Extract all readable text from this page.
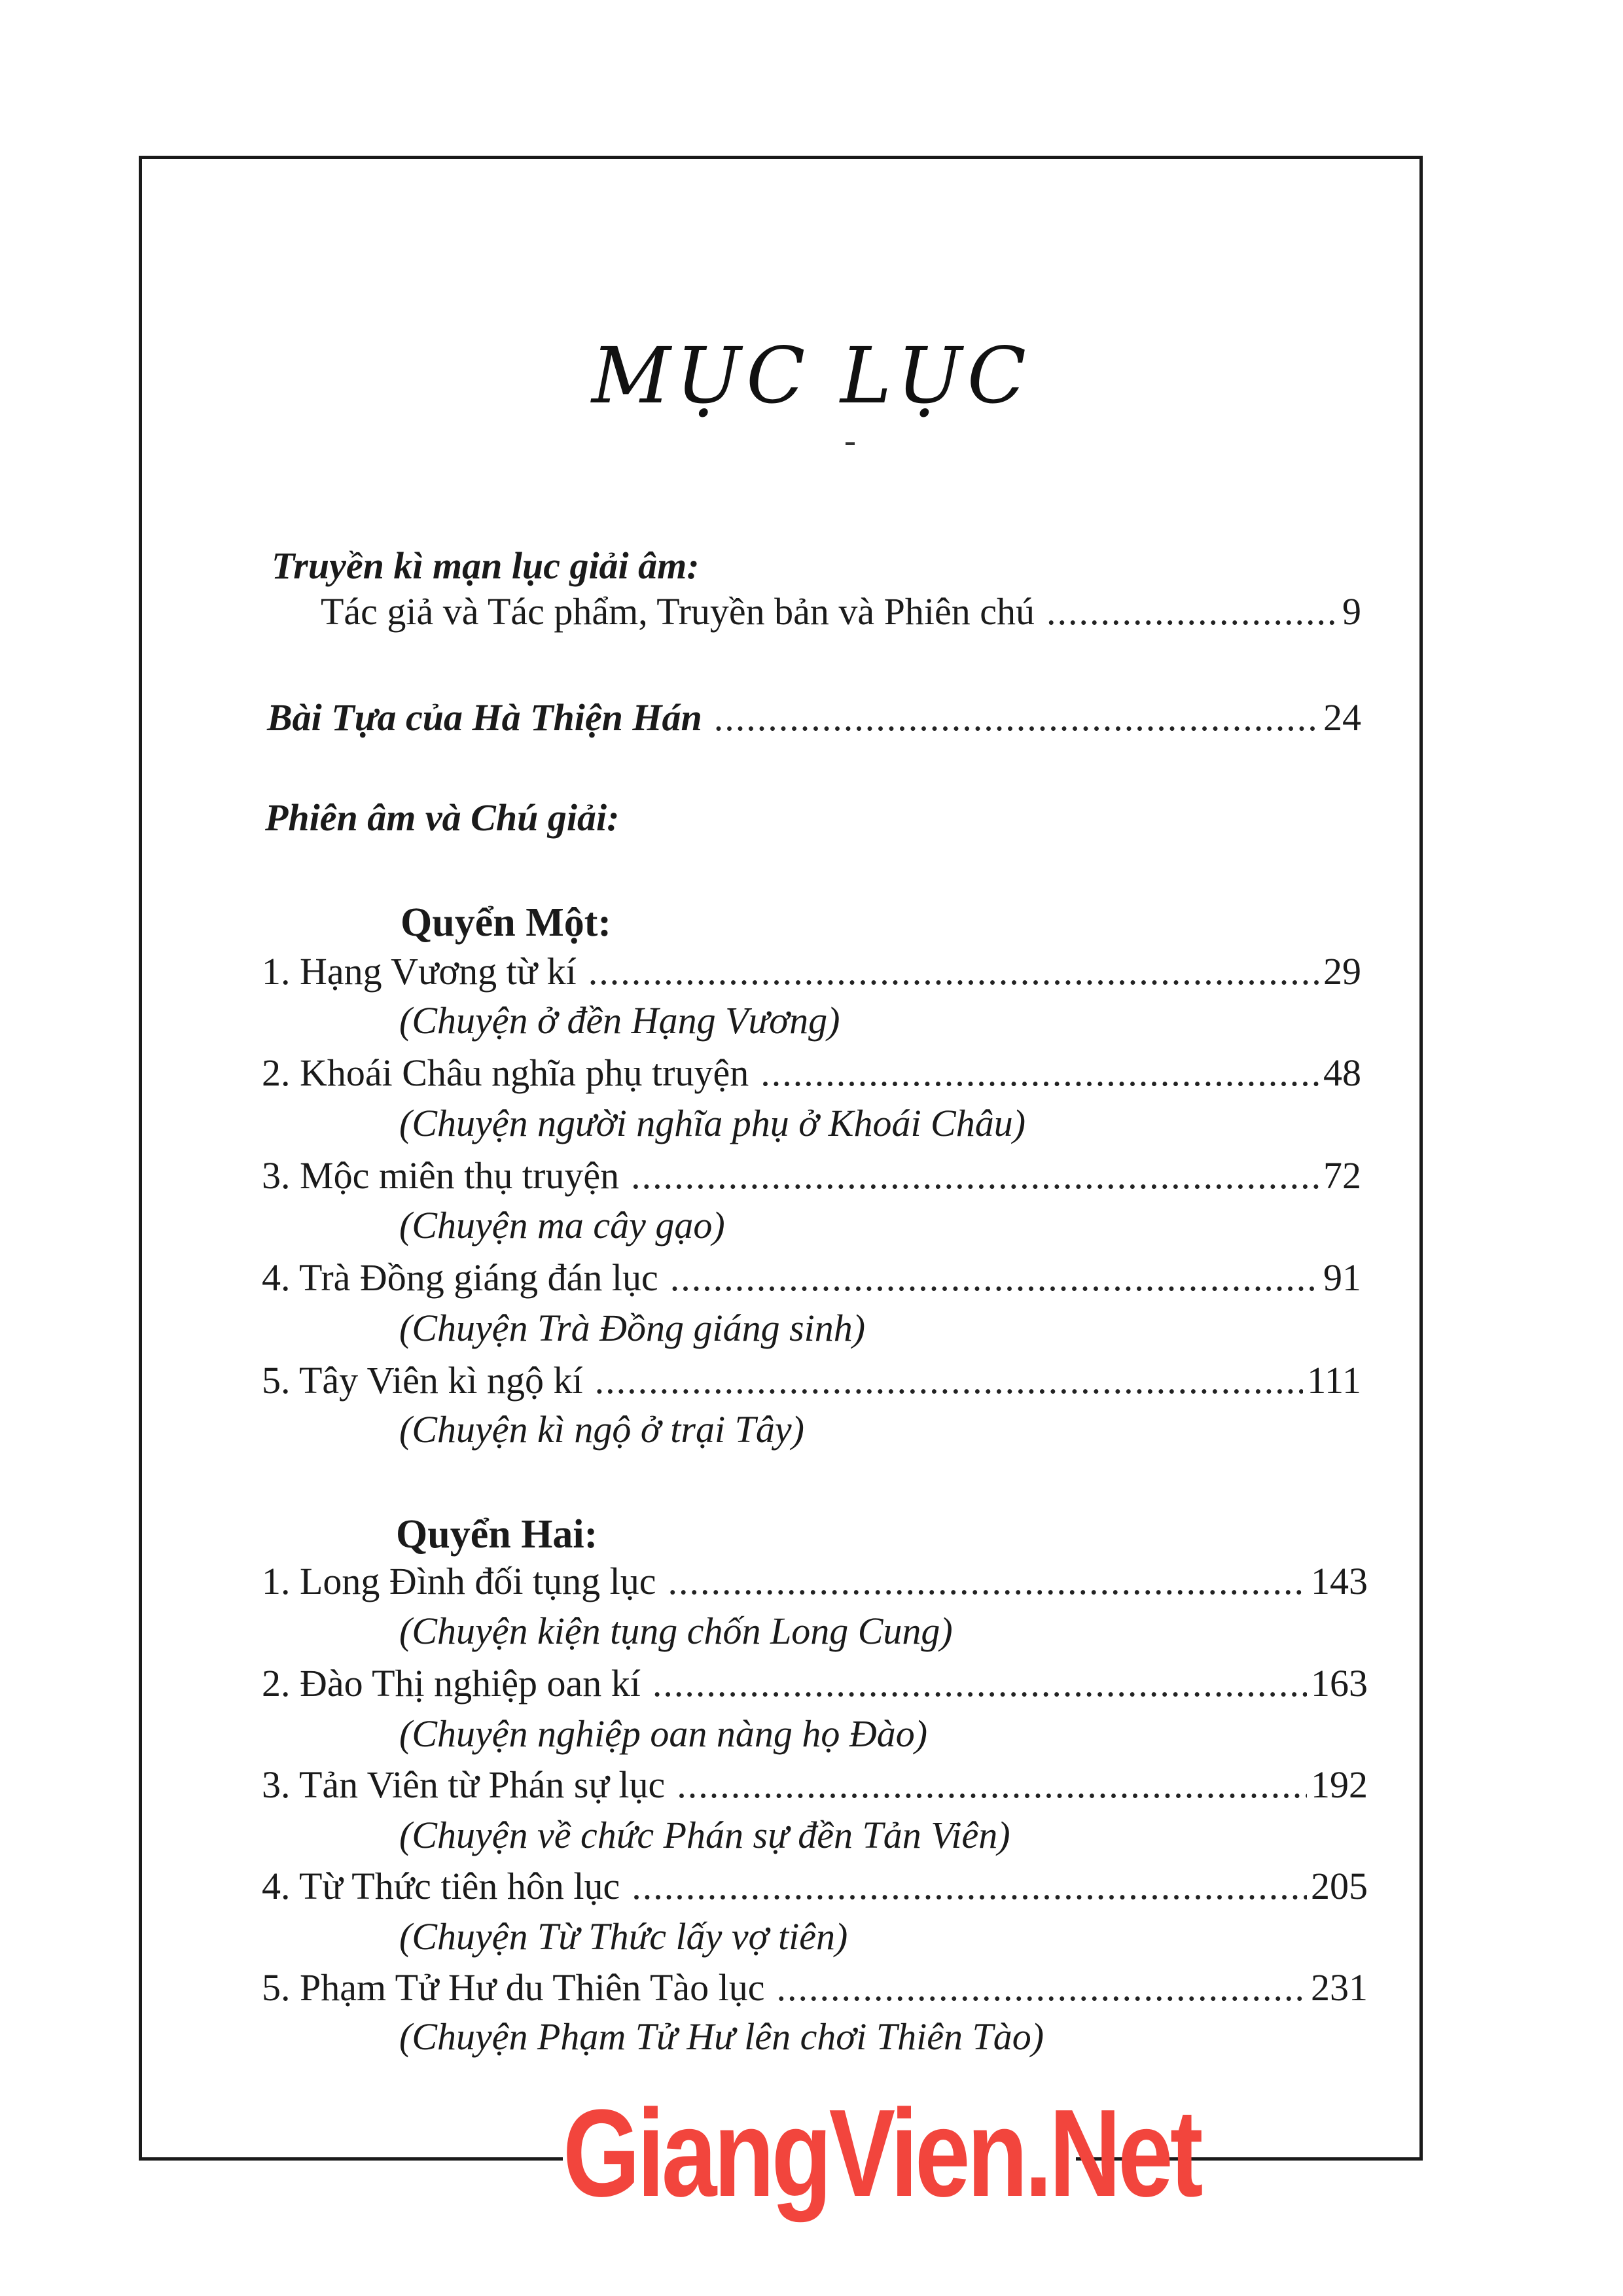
MỤC LỤC
Truyền kì mạn lục giải âm:
Tác giả và Tác phẩm, Truyền bản và Phiên chú .....	9
Bài Tựa của Hà Thiện Hán .....	24
Phiên âm và Chú giải:
Quyển Một:
1. Hạng Vương từ kí .....	29
(Chuyện ở đền Hạng Vương)
2. Khoái Châu nghĩa phụ truyện .....	48
(Chuyện người nghĩa phụ ở Khoái Châu)
3. Mộc miên thụ truyện .....	72
(Chuyện ma cây gạo)
4. Trà Đồng giáng đán lục .....	91
(Chuyện Trà Đồng giáng sinh)
5. Tây Viên kì ngộ kí .....	111
(Chuyện kì ngộ ở trại Tây)
Quyển Hai:
1. Long Đình đối tụng lục .....	143
(Chuyện kiện tụng chốn Long Cung)
2. Đào Thị nghiệp oan kí .....	163
(Chuyện nghiệp oan nàng họ Đào)
3. Tản Viên từ Phán sự lục .....	192
(Chuyện về chức Phán sự đền Tản Viên)
4. Từ Thức tiên hôn lục .....	205
(Chuyện Từ Thức lấy vợ tiên)
5. Phạm Tử Hư du Thiên Tào lục .....	231
(Chuyện Phạm Tử Hư lên chơi Thiên Tào)
GiangVien.Net
